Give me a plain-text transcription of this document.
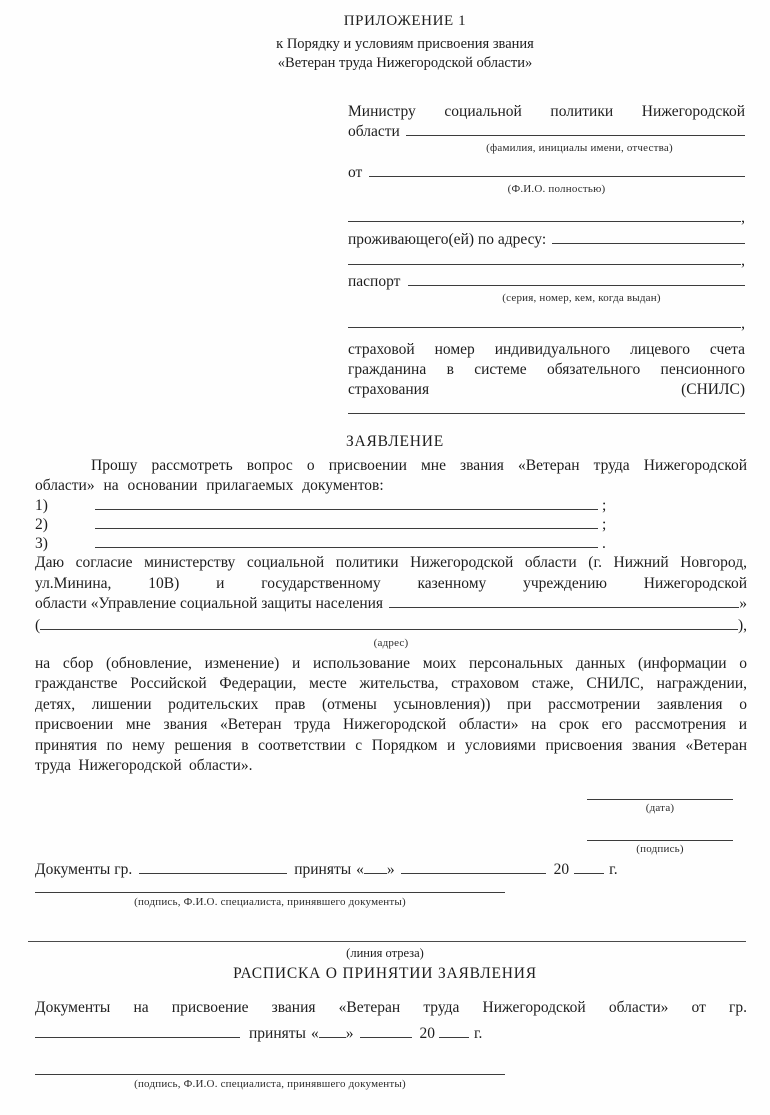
ПРИЛОЖЕНИЕ 1
к Порядку и условиям присвоения звания
«Ветеран труда Нижегородской области»
Министру социальной политики Нижегородской
области
(фамилия, инициалы имени, отчества)
от
(Ф.И.О. полностью)
,
проживающего(ей) по адресу:
,
паспорт
(серия, номер, кем, когда выдан)
,
страховой номер индивидуального лицевого счета гражданина в системе обязательного пенсионного страхования (СНИЛС)
ЗАЯВЛЕНИЕ
Прошу рассмотреть вопрос о присвоении мне звания «Ветеран труда Нижегородской области» на основании прилагаемых документов:
1)	;
2)	;
3)	.
Даю согласие министерству социальной политики Нижегородской области (г. Нижний Новгород, ул.Минина, 10В) и государственному казенному учреждению Нижегородской
области «Управление социальной защиты населения	»
(	),
(адрес)
на сбор (обновление, изменение) и использование моих персональных данных (информации о гражданстве Российской Федерации, месте жительства, страховом стаже, СНИЛС, награждении, детях, лишении родительских прав (отмены усыновления)) при рассмотрении заявления о присвоении мне звания «Ветеран труда Нижегородской области» на срок его рассмотрения и принятия по нему решения в соответствии с Порядком и условиями присвоения звания «Ветеран труда Нижегородской области».
(дата)
(подпись)
Документы гр.	приняты « »	20	г.
(подпись, Ф.И.О. специалиста, принявшего документы)
(линия отреза)
РАСПИСКА О ПРИНЯТИИ ЗАЯВЛЕНИЯ
Документы на присвоение звания «Ветеран труда Нижегородской области» от гр.
приняты « »	20	г.
(подпись, Ф.И.О. специалиста, принявшего документы)
